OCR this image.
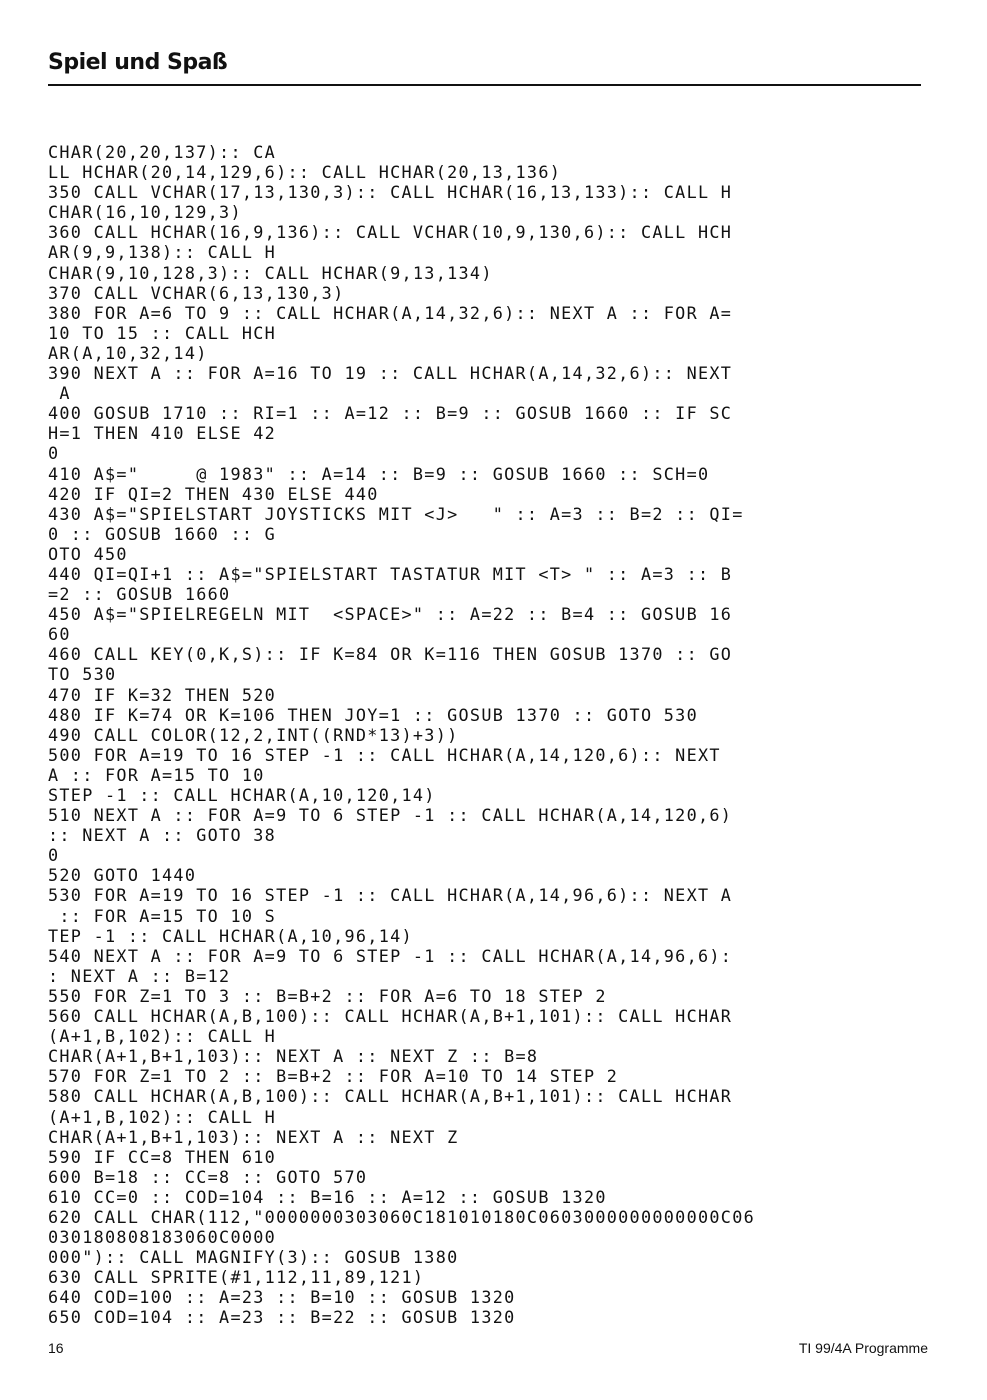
Spiel und Spaß
CHAR(20,20,137):: CA
LL HCHAR(20,14,129,6):: CALL HCHAR(20,13,136)
350 CALL VCHAR(17,13,130,3):: CALL HCHAR(16,13,133):: CALL H
CHAR(16,10,129,3)
360 CALL HCHAR(16,9,136):: CALL VCHAR(10,9,130,6):: CALL HCH
AR(9,9,138):: CALL H
CHAR(9,10,128,3):: CALL HCHAR(9,13,134)
370 CALL VCHAR(6,13,130,3)
380 FOR A=6 TO 9 :: CALL HCHAR(A,14,32,6):: NEXT A :: FOR A=
10 TO 15 :: CALL HCH
AR(A,10,32,14)
390 NEXT A :: FOR A=16 TO 19 :: CALL HCHAR(A,14,32,6):: NEXT
A
400 GOSUB 1710 :: RI=1 :: A=12 :: B=9 :: GOSUB 1660 :: IF SC
H=1 THEN 410 ELSE 42
0
410 A$="     @ 1983" :: A=14 :: B=9 :: GOSUB 1660 :: SCH=0
420 IF QI=2 THEN 430 ELSE 440
430 A$="SPIELSTART JOYSTICKS MIT <J>   " :: A=3 :: B=2 :: QI=
0 :: GOSUB 1660 :: G
OTO 450
440 QI=QI+1 :: A$="SPIELSTART TASTATUR MIT <T> " :: A=3 :: B
=2 :: GOSUB 1660
450 A$="SPIELREGELN MIT  <SPACE>" :: A=22 :: B=4 :: GOSUB 16
60
460 CALL KEY(0,K,S):: IF K=84 OR K=116 THEN GOSUB 1370 :: GO
TO 530
470 IF K=32 THEN 520
480 IF K=74 OR K=106 THEN JOY=1 :: GOSUB 1370 :: GOTO 530
490 CALL COLOR(12,2,INT((RND*13)+3))
500 FOR A=19 TO 16 STEP -1 :: CALL HCHAR(A,14,120,6):: NEXT
A :: FOR A=15 TO 10
STEP -1 :: CALL HCHAR(A,10,120,14)
510 NEXT A :: FOR A=9 TO 6 STEP -1 :: CALL HCHAR(A,14,120,6)
:: NEXT A :: GOTO 38
0
520 GOTO 1440
530 FOR A=19 TO 16 STEP -1 :: CALL HCHAR(A,14,96,6):: NEXT A
:: FOR A=15 TO 10 S
TEP -1 :: CALL HCHAR(A,10,96,14)
540 NEXT A :: FOR A=9 TO 6 STEP -1 :: CALL HCHAR(A,14,96,6):
: NEXT A :: B=12
550 FOR Z=1 TO 3 :: B=B+2 :: FOR A=6 TO 18 STEP 2
560 CALL HCHAR(A,B,100):: CALL HCHAR(A,B+1,101):: CALL HCHAR
(A+1,B,102):: CALL H
CHAR(A+1,B+1,103):: NEXT A :: NEXT Z :: B=8
570 FOR Z=1 TO 2 :: B=B+2 :: FOR A=10 TO 14 STEP 2
580 CALL HCHAR(A,B,100):: CALL HCHAR(A,B+1,101):: CALL HCHAR
(A+1,B,102):: CALL H
CHAR(A+1,B+1,103):: NEXT A :: NEXT Z
590 IF CC=8 THEN 610
600 B=18 :: CC=8 :: GOTO 570
610 CC=0 :: COD=104 :: B=16 :: A=12 :: GOSUB 1320
620 CALL CHAR(112,"0000000303060C181010180C0603000000000000C06
030180808183060C0000
000"):: CALL MAGNIFY(3):: GOSUB 1380
630 CALL SPRITE(#1,112,11,89,121)
640 COD=100 :: A=23 :: B=10 :: GOSUB 1320
650 COD=104 :: A=23 :: B=22 :: GOSUB 1320
16	TI 99/4A Programme
